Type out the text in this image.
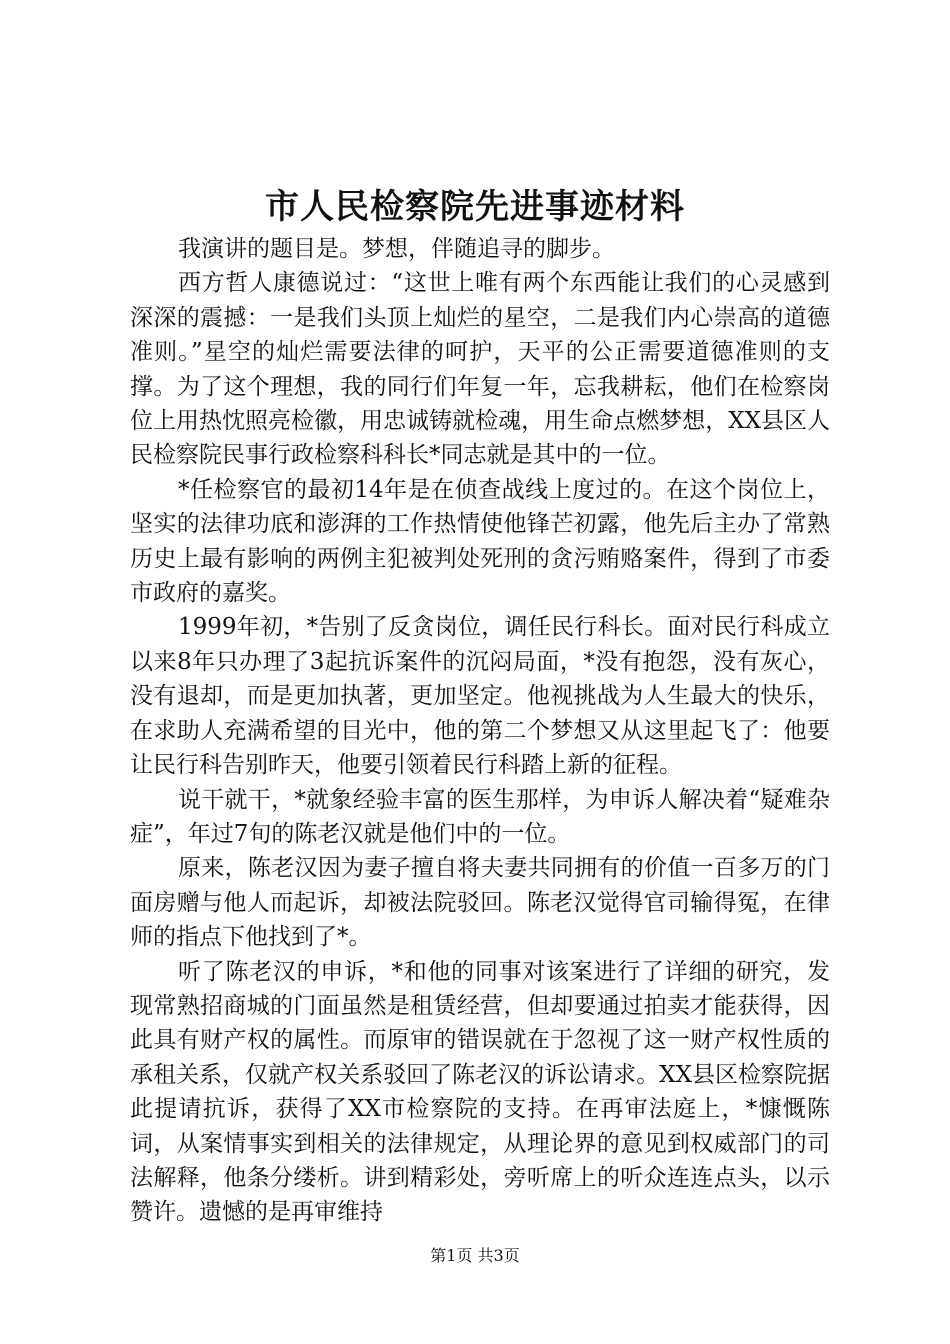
市人民检察院先进事迹材料

我演讲的题目是。梦想，伴随追寻的脚步。

西方哲人康德说过：“这世上唯有两个东西能让我们的心灵感到深深的震撼：一是我们头顶上灿烂的星空，二是我们内心崇高的道德准则。”星空的灿烂需要法律的呵护，天平的公正需要道德准则的支撑。为了这个理想，我的同行们年复一年，忘我耕耘，他们在检察岗位上用热忱照亮检徽，用忠诚铸就检魂，用生命点燃梦想，XX县区人民检察院民事行政检察科科长*同志就是其中的一位。

*任检察官的最初14年是在侦查战线上度过的。在这个岗位上，坚实的法律功底和澎湃的工作热情使他锋芒初露，他先后主办了常熟历史上最有影响的两例主犯被判处死刑的贪污贿赂案件，得到了市委市政府的嘉奖。

1999年初，*告别了反贪岗位，调任民行科长。面对民行科成立以来8年只办理了3起抗诉案件的沉闷局面，*没有抱怨，没有灰心，没有退却，而是更加执著，更加坚定。他视挑战为人生最大的快乐，在求助人充满希望的目光中，他的第二个梦想又从这里起飞了：他要让民行科告别昨天，他要引领着民行科踏上新的征程。

说干就干，*就象经验丰富的医生那样，为申诉人解决着“疑难杂症”，年过7旬的陈老汉就是他们中的一位。

原来，陈老汉因为妻子擅自将夫妻共同拥有的价值一百多万的门面房赠与他人而起诉，却被法院驳回。陈老汉觉得官司输得冤，在律师的指点下他找到了*。

听了陈老汉的申诉，*和他的同事对该案进行了详细的研究，发现常熟招商城的门面虽然是租赁经营，但却要通过拍卖才能获得，因此具有财产权的属性。而原审的错误就在于忽视了这一财产权性质的承租关系，仅就产权关系驳回了陈老汉的诉讼请求。XX县区检察院据此提请抗诉，获得了XX市检察院的支持。在再审法庭上，*慷慨陈词，从案情事实到相关的法律规定，从理论界的意见到权威部门的司法解释，他条分缕析。讲到精彩处，旁听席上的听众连连点头，以示赞许。遗憾的是再审维持

第1页 共3页
